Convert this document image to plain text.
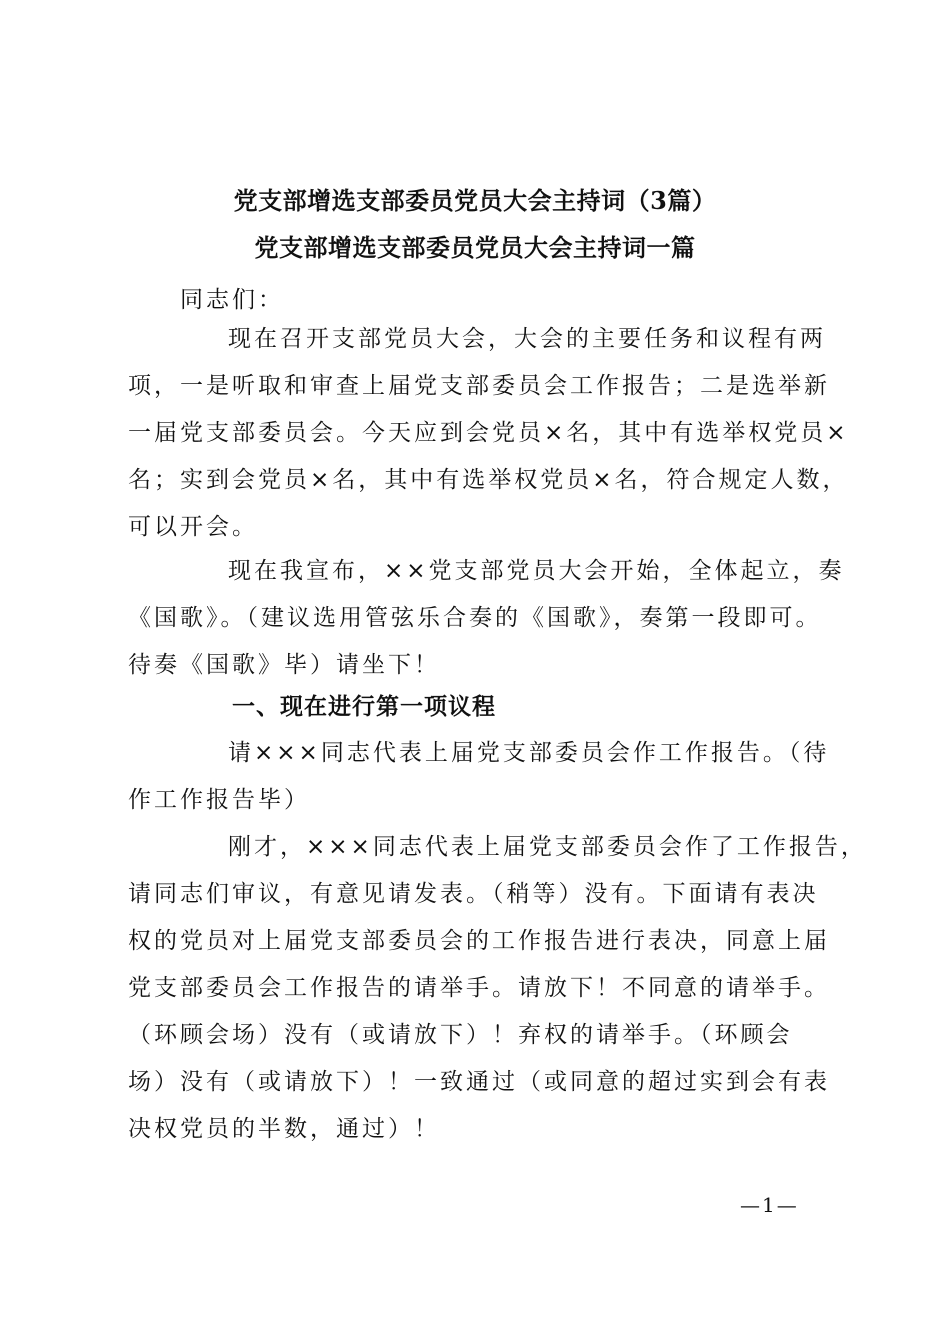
党支部增选支部委员党员大会主持词（3篇）
党支部增选支部委员党员大会主持词一篇
同志们：
现在召开支部党员大会，大会的主要任务和议程有两
项，一是听取和审查上届党支部委员会工作报告；二是选举新
一届党支部委员会。今天应到会党员×名，其中有选举权党员×
名；实到会党员×名，其中有选举权党员×名，符合规定人数，
可以开会。
现在我宣布，××党支部党员大会开始，全体起立，奏
《国歌》。（建议选用管弦乐合奏的《国歌》，奏第一段即可。
待奏《国歌》毕）请坐下！
一、现在进行第一项议程
请×××同志代表上届党支部委员会作工作报告。（待
作工作报告毕）
刚才，×××同志代表上届党支部委员会作了工作报告，
请同志们审议，有意见请发表。（稍等）没有。下面请有表决
权的党员对上届党支部委员会的工作报告进行表决，同意上届
党支部委员会工作报告的请举手。请放下！不同意的请举手。
（环顾会场）没有（或请放下）！弃权的请举手。（环顾会
场）没有（或请放下）！一致通过（或同意的超过实到会有表
决权党员的半数，通过）！
—1—
